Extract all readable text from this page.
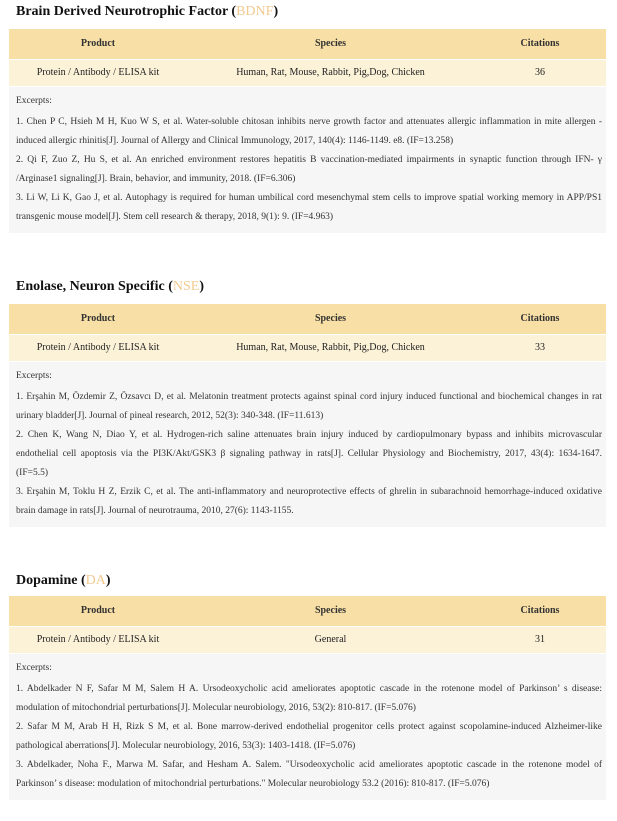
Brain Derived Neurotrophic Factor (BDNF)
Product	Species	Citations
Protein / Antibody / ELISA kit	Human, Rat, Mouse, Rabbit, Pig,Dog, Chicken	36
Excerpts:
1. Chen P C, Hsieh M H, Kuo W S, et al. Water-soluble chitosan inhibits nerve growth factor and attenuates allergic inflammation in mite allergen - induced allergic rhinitis[J]. Journal of Allergy and Clinical Immunology, 2017, 140(4): 1146-1149. e8. (IF=13.258)
2. Qi F, Zuo Z, Hu S, et al. An enriched environment restores hepatitis B vaccination-mediated impairments in synaptic function through IFN- γ /Arginase1 signaling[J]. Brain, behavior, and immunity, 2018. (IF=6.306)
3. Li W, Li K, Gao J, et al. Autophagy is required for human umbilical cord mesenchymal stem cells to improve spatial working memory in APP/PS1 transgenic mouse model[J]. Stem cell research & therapy, 2018, 9(1): 9. (IF=4.963)
Enolase, Neuron Specific (NSE)
Product	Species	Citations
Protein / Antibody / ELISA kit	Human, Rat, Mouse, Rabbit, Pig,Dog, Chicken	33
Excerpts:
1. Erşahin M, Özdemir Z, Özsavcı D, et al. Melatonin treatment protects against spinal cord injury induced functional and biochemical changes in rat urinary bladder[J]. Journal of pineal research, 2012, 52(3): 340-348. (IF=11.613)
2. Chen K, Wang N, Diao Y, et al. Hydrogen-rich saline attenuates brain injury induced by cardiopulmonary bypass and inhibits microvascular endothelial cell apoptosis via the PI3K/Akt/GSK3 β signaling pathway in rats[J]. Cellular Physiology and Biochemistry, 2017, 43(4): 1634-1647. (IF=5.5)
3. Erşahin M, Toklu H Z, Erzik C, et al. The anti-inflammatory and neuroprotective effects of ghrelin in subarachnoid hemorrhage-induced oxidative brain damage in rats[J]. Journal of neurotrauma, 2010, 27(6): 1143-1155.
Dopamine (DA)
Product	Species	Citations
Protein / Antibody / ELISA kit	General	31
Excerpts:
1. Abdelkader N F, Safar M M, Salem H A. Ursodeoxycholic acid ameliorates apoptotic cascade in the rotenone model of Parkinson’ s disease: modulation of mitochondrial perturbations[J]. Molecular neurobiology, 2016, 53(2): 810-817. (IF=5.076)
2. Safar M M, Arab H H, Rizk S M, et al. Bone marrow-derived endothelial progenitor cells protect against scopolamine-induced Alzheimer-like pathological aberrations[J]. Molecular neurobiology, 2016, 53(3): 1403-1418. (IF=5.076)
3. Abdelkader, Noha F., Marwa M. Safar, and Hesham A. Salem. "Ursodeoxycholic acid ameliorates apoptotic cascade in the rotenone model of Parkinson’ s disease: modulation of mitochondrial perturbations." Molecular neurobiology 53.2 (2016): 810-817. (IF=5.076)
